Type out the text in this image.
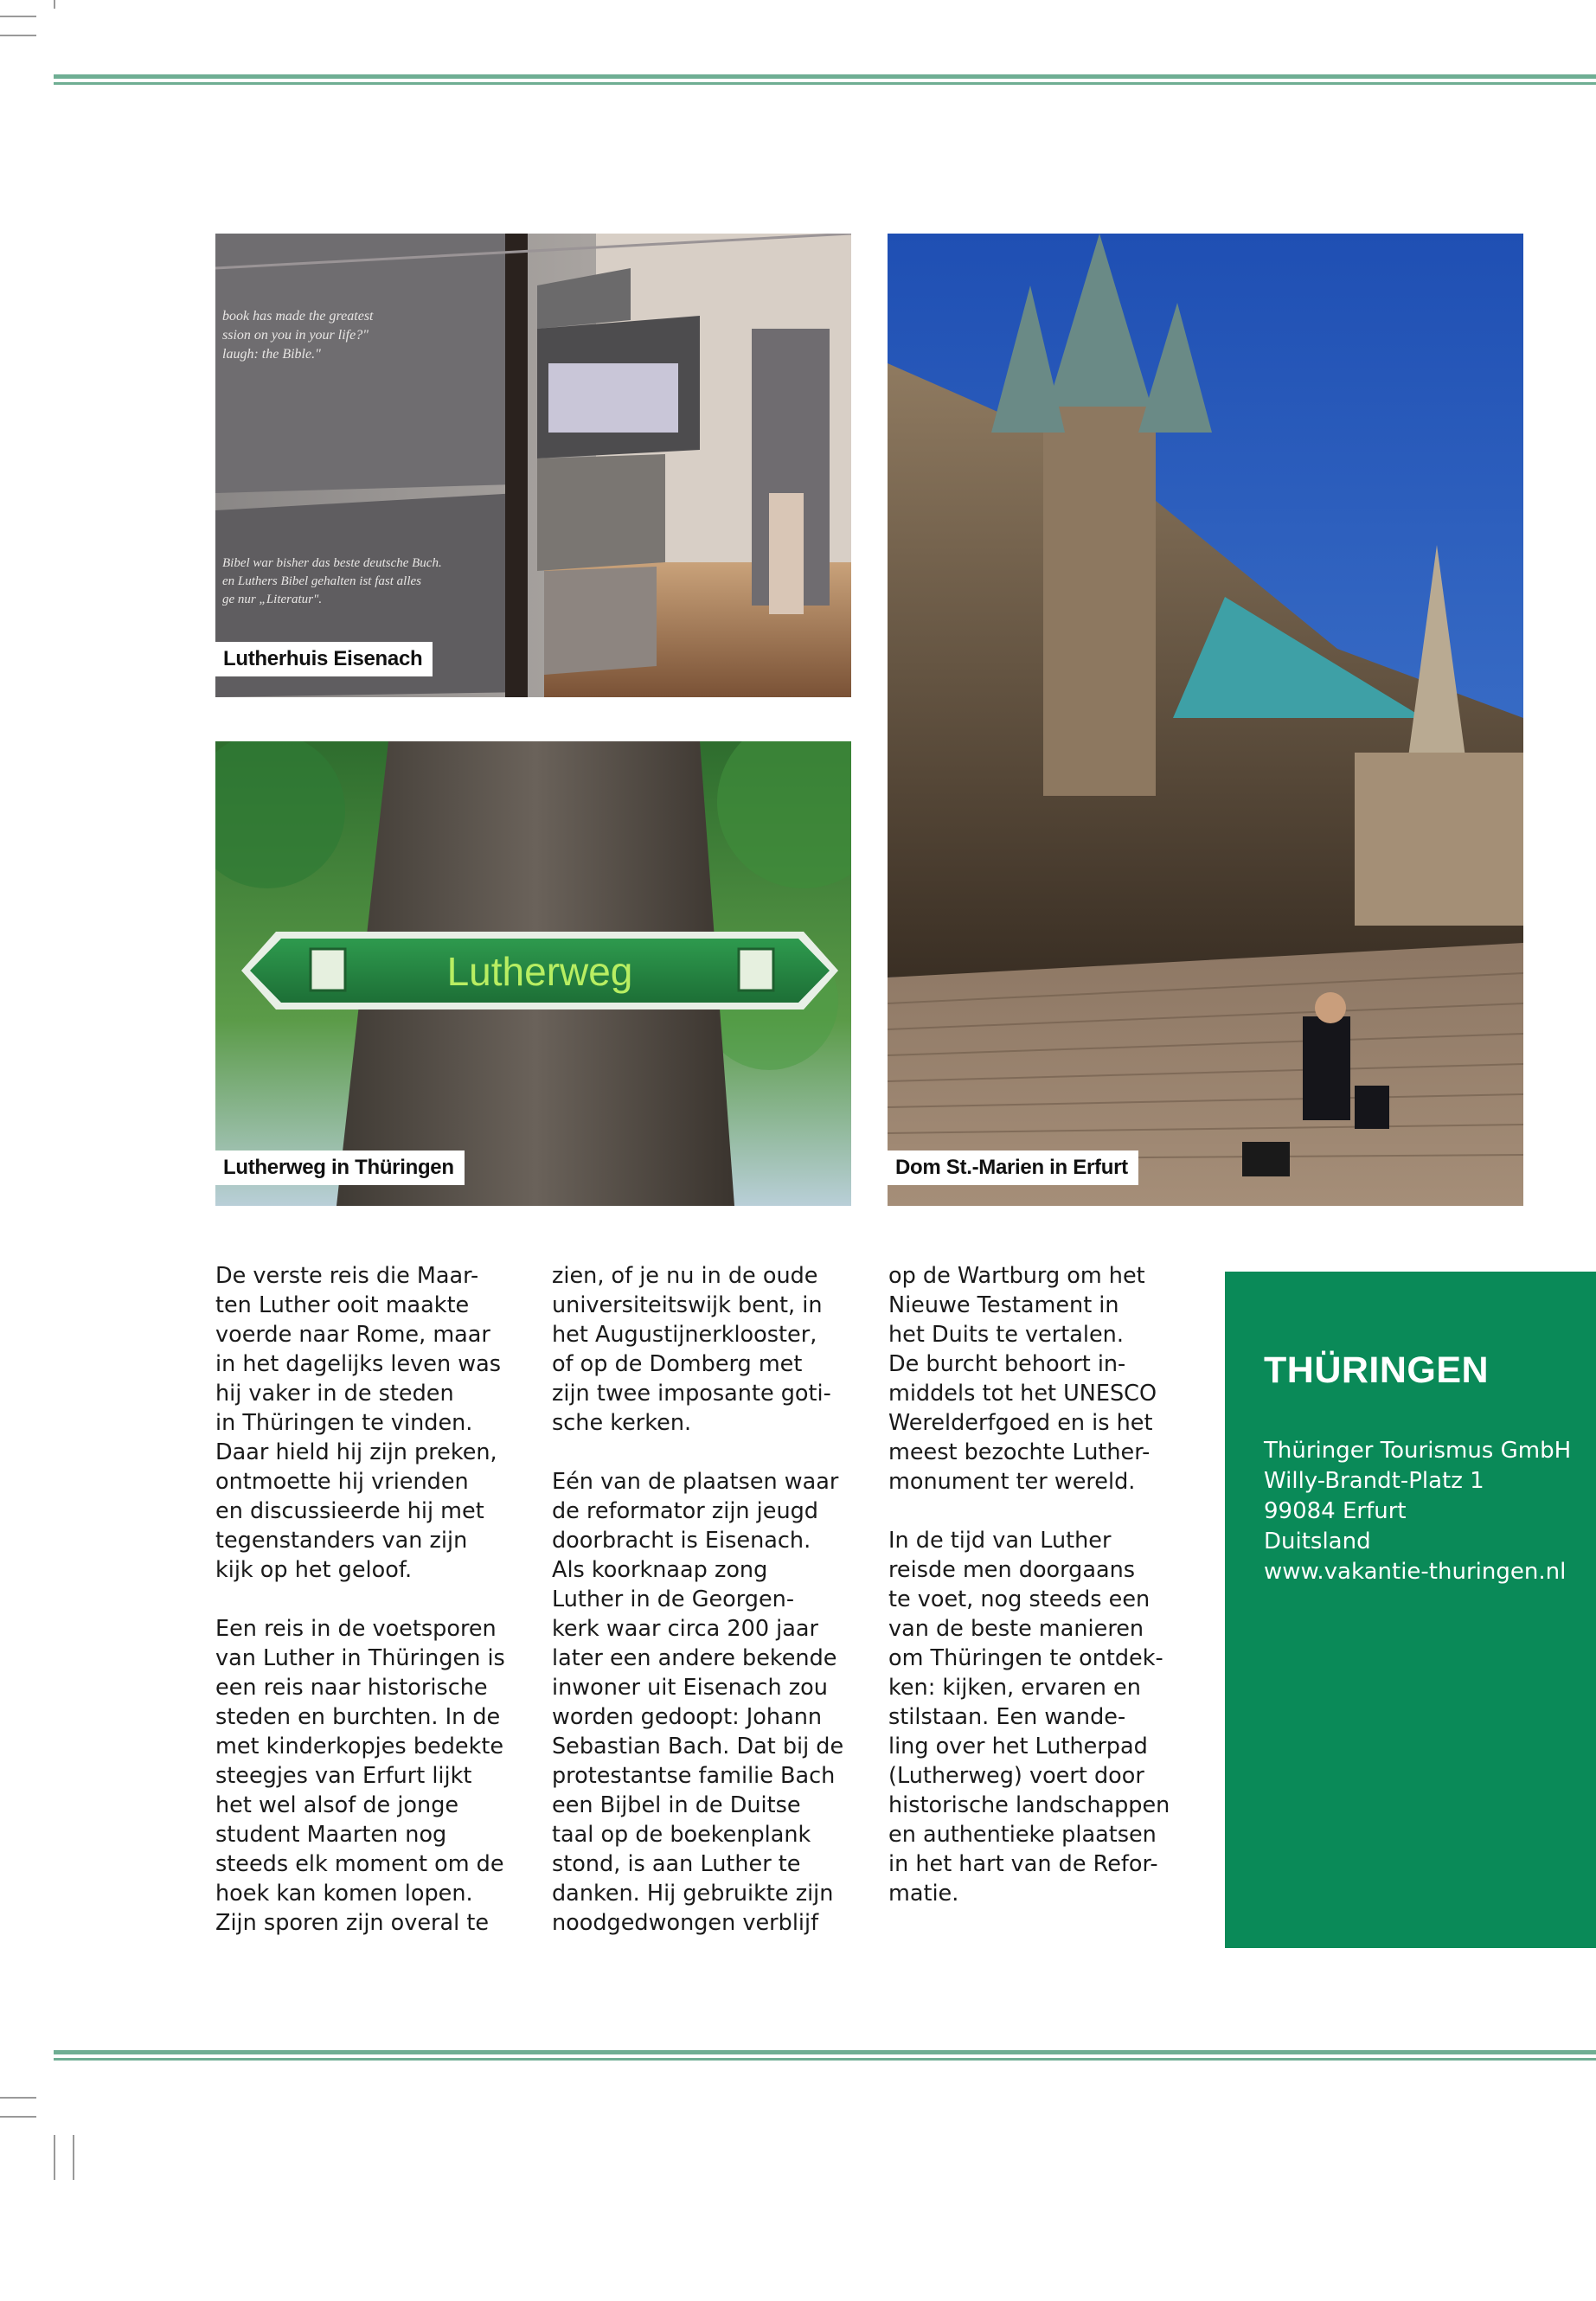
book has made the greatest ssion on you in your life?" laugh: the Bible."
Bibel war bisher das beste deutsche Buch. en Luthers Bibel gehalten ist fast alles ge nur „Literatur".
Lutherhuis Eisenach
Lutherweg
Lutherweg in Thüringen	Dom St.-Marien in Erfurt

De verste reis die Maar-
ten Luther ooit maakte
voerde naar Rome, maar
in het dagelijks leven was
hij vaker in de steden
in Thüringen te vinden.
Daar hield hij zijn preken,
ontmoette hij vrienden
en discussieerde hij met
tegenstanders van zijn
kijk op het geloof.

Een reis in de voetsporen
van Luther in Thüringen is
een reis naar historische
steden en burchten. In de
met kinderkopjes bedekte
steegjes van Erfurt lijkt
het wel alsof de jonge
student Maarten nog
steeds elk moment om de
hoek kan komen lopen.
Zijn sporen zijn overal te

zien, of je nu in de oude
universiteitswijk bent, in
het Augustijnerklooster,
of op de Domberg met
zijn twee imposante goti-
sche kerken.

Eén van de plaatsen waar
de reformator zijn jeugd
doorbracht is Eisenach.
Als koorknaap zong
Luther in de Georgen-
kerk waar circa 200 jaar
later een andere bekende
inwoner uit Eisenach zou
worden gedoopt: Johann
Sebastian Bach. Dat bij de
protestantse familie Bach
een Bijbel in de Duitse
taal op de boekenplank
stond, is aan Luther te
danken. Hij gebruikte zijn
noodgedwongen verblijf

op de Wartburg om het
Nieuwe Testament in
het Duits te vertalen.
De burcht behoort in-
middels tot het UNESCO
Werelderfgoed en is het
meest bezochte Luther-
monument ter wereld.

In de tijd van Luther
reisde men doorgaans
te voet, nog steeds een
van de beste manieren
om Thüringen te ontdek-
ken: kijken, ervaren en
stilstaan. Een wande-
ling over het Lutherpad
(Lutherweg) voert door
historische landschappen
en authentieke plaatsen
in het hart van de Refor-
matie.

THÜRINGEN
Thüringer Tourismus GmbH
Willy-Brandt-Platz 1
99084 Erfurt
Duitsland
www.vakantie-thuringen.nl
